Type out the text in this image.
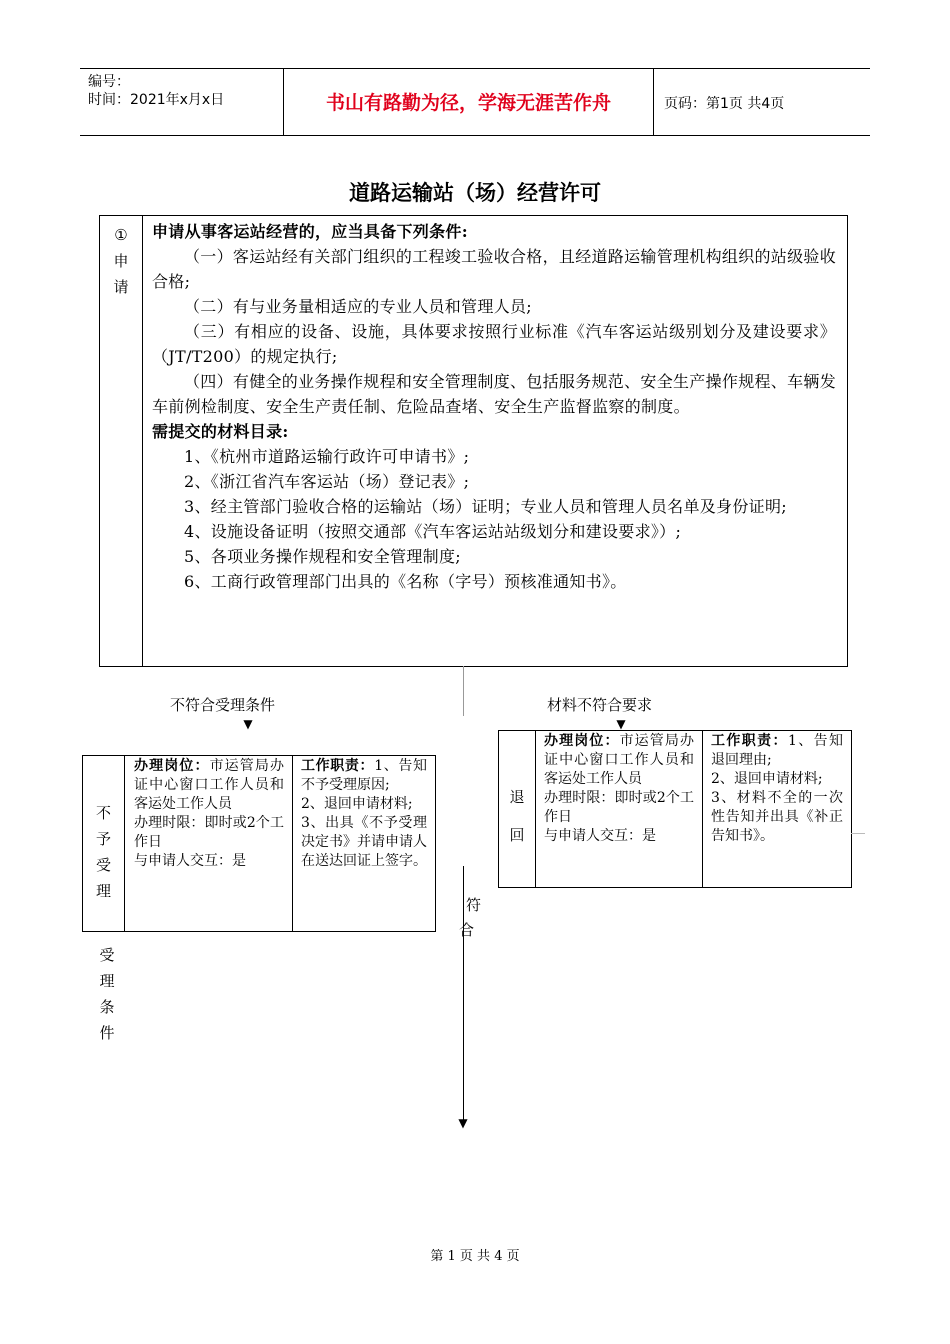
编号：
时间：2021年x月x日	书山有路勤为径，学海无涯苦作舟	页码：第1页 共4页
道路运输站（场）经营许可
①
申
请

申请从事客运站经营的，应当具备下列条件:

（一）客运站经有关部门组织的工程竣工验收合格，且经道路运输管理机构组织的站级验收合格;

（二）有与业务量相适应的专业人员和管理人员;

（三）有相应的设备、设施，具体要求按照行业标准《汽车客运站级别划分及建设要求》（JT/T200）的规定执行;

（四）有健全的业务操作规程和安全管理制度、包括服务规范、安全生产操作规程、车辆发车前例检制度、安全生产责任制、危险品查堵、安全生产监督监察的制度。

需提交的材料目录:

1、《杭州市道路运输行政许可申请书》;

2、《浙江省汽车客运站（场）登记表》;

3、经主管部门验收合格的运输站（场）证明；专业人员和管理人员名单及身份证明;

4、设施设备证明（按照交通部《汽车客运站站级划分和建设要求》）;

5、各项业务操作规程和安全管理制度;

6、工商行政管理部门出具的《名称（字号）预核准通知书》。

▼
不符合受理条件
▼
材料不符合要求
▼
符
合
受
理
条
件
不
予
受
理
办理岗位：市运管局办证中心窗口工作人员和客运处工作人员
办理时限：即时或2个工作日
与申请人交互：是
工作职责：1、告知不予受理原因;
2、退回申请材料;
3、出具《不予受理决定书》并请申请人在送达回证上签字。
退
回
办理岗位：市运管局办证中心窗口工作人员和客运处工作人员
办理时限：即时或2个工作日
与申请人交互：是
工作职责：1、告知退回理由;
2、退回申请材料;
3、材料不全的一次性告知并出具《补正告知书》。
第 1 页 共 4 页
